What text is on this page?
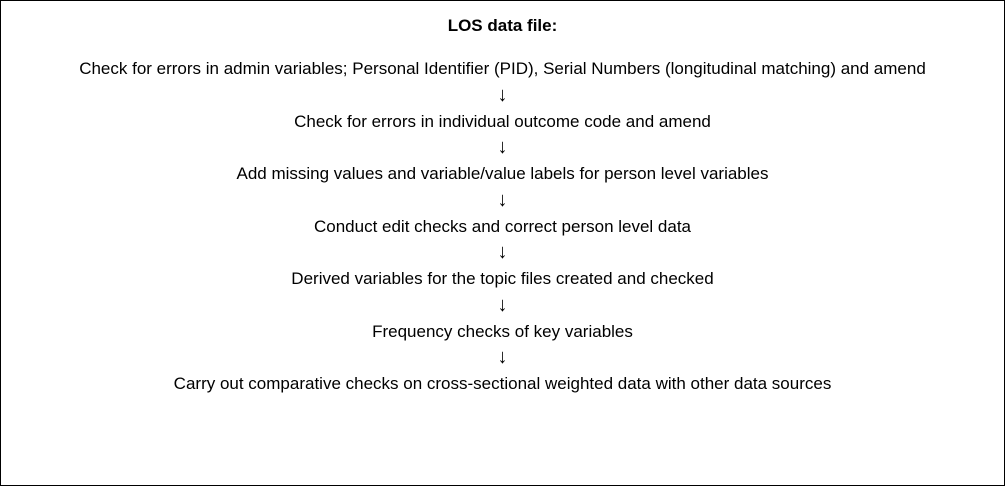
LOS data file:
Check for errors in admin variables; Personal Identifier (PID), Serial Numbers (longitudinal matching) and amend
↓
Check for errors in individual outcome code and amend
↓
Add missing values and variable/value labels for person level variables
↓
Conduct edit checks and correct person level data
↓
Derived variables for the topic files created and checked
↓
Frequency checks of key variables
↓
Carry out comparative checks on cross-sectional weighted data with other data sources
